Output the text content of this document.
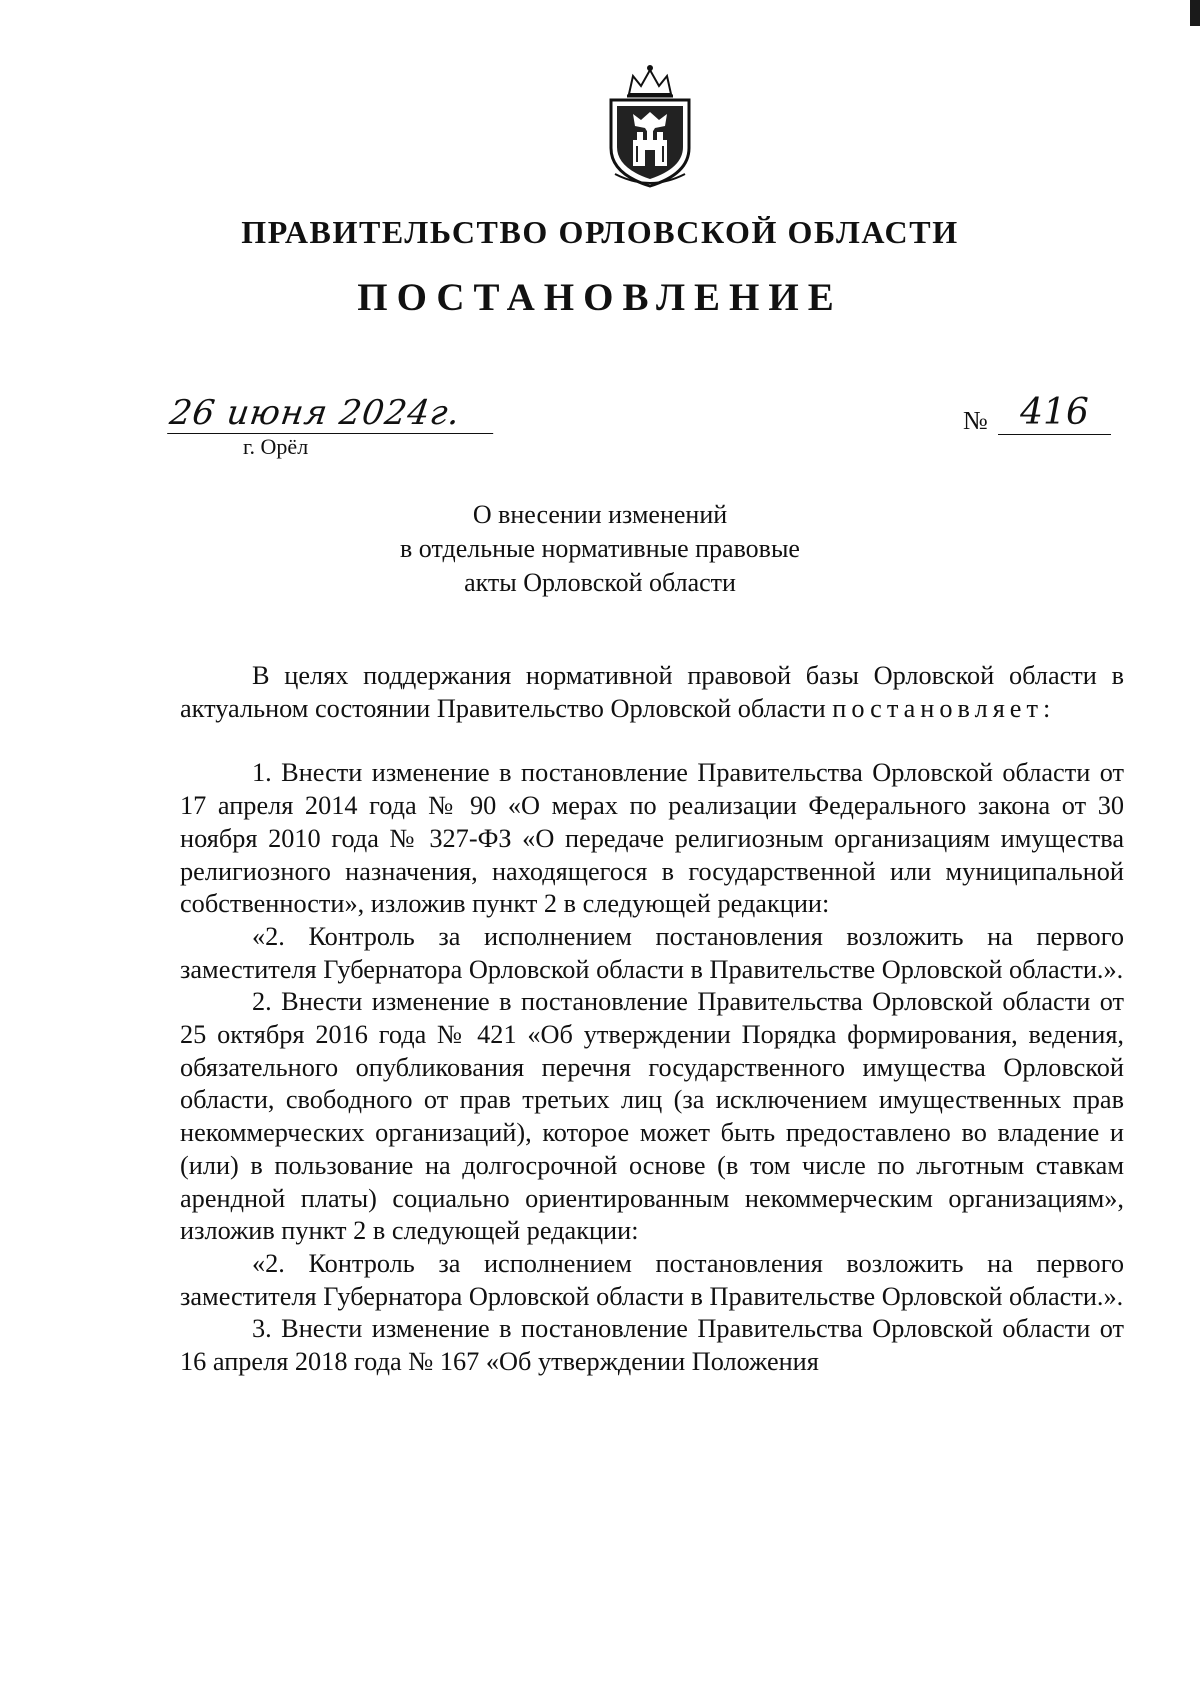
ПРАВИТЕЛЬСТВО ОРЛОВСКОЙ ОБЛАСТИ
ПОСТАНОВЛЕНИЕ
26 июня 2024г.
г. Орёл
№ 416
О внесении изменений
в отдельные нормативные правовые
акты Орловской области

В целях поддержания нормативной правовой базы Орловской области в актуальном состоянии Правительство Орловской области постановляет:

1. Внести изменение в постановление Правительства Орловской области от 17 апреля 2014 года № 90 «О мерах по реализации Федерального закона от 30 ноября 2010 года № 327-ФЗ «О передаче религиозным организациям имущества религиозного назначения, находящегося в государственной или муниципальной собственности», изложив пункт 2 в следующей редакции:

«2. Контроль за исполнением постановления возложить на первого заместителя Губернатора Орловской области в Правительстве Орловской области.».

2. Внести изменение в постановление Правительства Орловской области от 25 октября 2016 года № 421 «Об утверждении Порядка формирования, ведения, обязательного опубликования перечня государственного имущества Орловской области, свободного от прав третьих лиц (за исключением имущественных прав некоммерческих организаций), которое может быть предоставлено во владение и (или) в пользование на долгосрочной основе (в том числе по льготным ставкам арендной платы) социально ориентированным некоммерческим организациям», изложив пункт 2 в следующей редакции:

«2. Контроль за исполнением постановления возложить на первого заместителя Губернатора Орловской области в Правительстве Орловской области.».

3. Внести изменение в постановление Правительства Орловской области от 16 апреля 2018 года № 167 «Об утверждении Положения
